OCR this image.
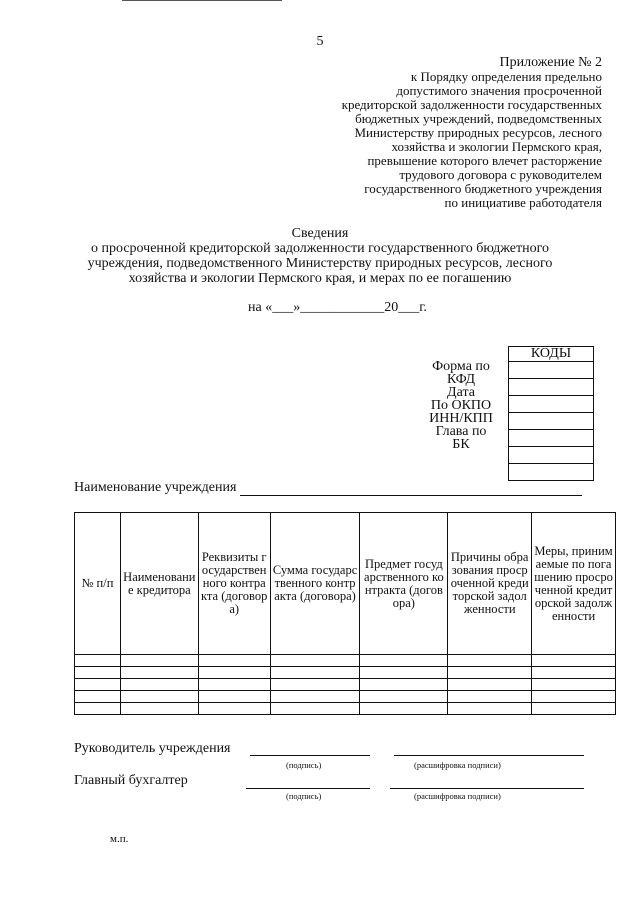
5
Приложение № 2
к Порядку определения предельно
допустимого значения просроченной
кредиторской задолженности государственных
бюджетных учреждений, подведомственных
Министерству природных ресурсов, лесного
хозяйства и экологии Пермского края,
превышение которого влечет расторжение
трудового договора с руководителем
государственного бюджетного учреждения
по инициативе работодателя
Сведения
о просроченной кредиторской задолженности государственного бюджетного
учреждения, подведомственного Министерству природных ресурсов, лесного
хозяйства и экологии Пермского края, и мерах по ее погашению
на «___»____________20___г.
Форма по
КФД
Дата
По ОКПО
ИНН/КПП
Глава по
БК
КОДЫ

Наименование учреждения
№ п/п	Наименование кредитора	Реквизиты государственного контракта (договора)	Сумма государственного контракта (договора)	Предмет государственного контракта (договора)	Причины образования просроченной кредиторской задолженности	Меры, принимаемые по погашению просроченной кредиторской задолженности

Руководитель учреждения
(подпись)	(расшифровка подписи)
Главный бухгалтер
(подпись)	(расшифровка подписи)
м.п.
